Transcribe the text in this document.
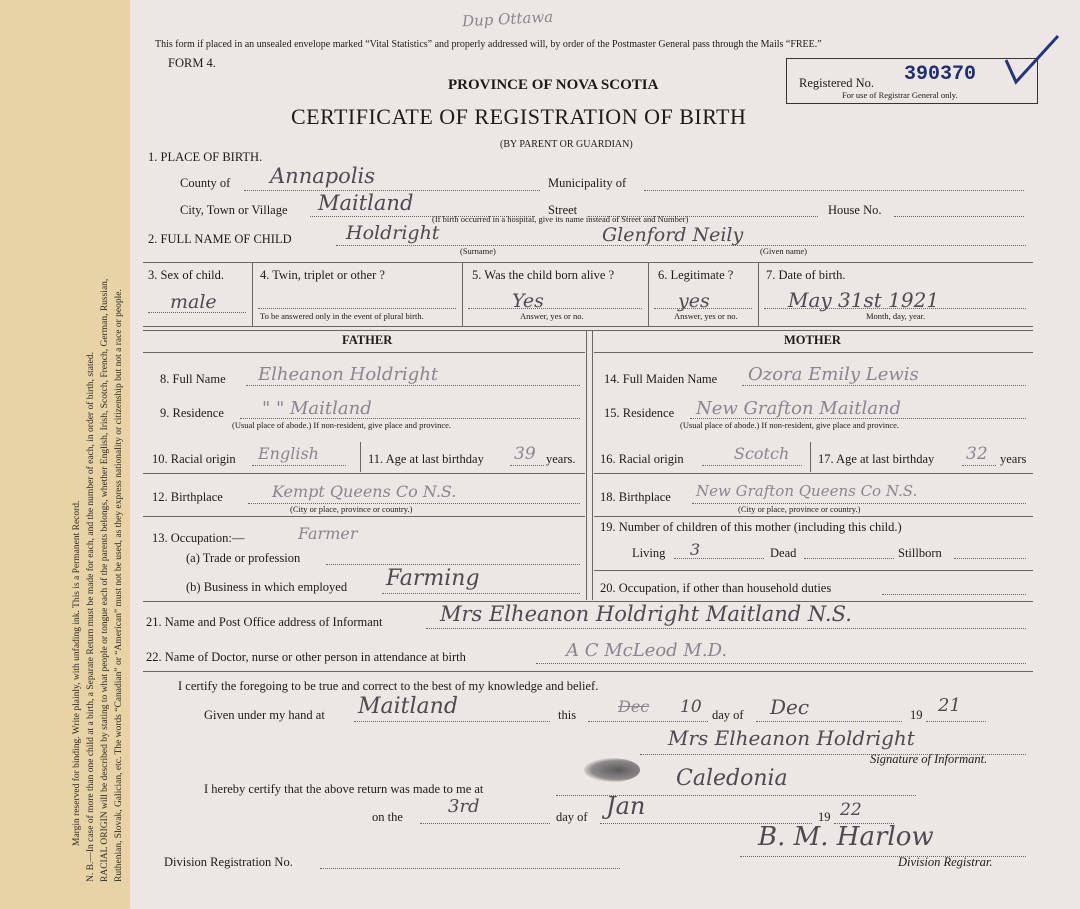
Margin reserved for binding. Write plainly, with unfading ink. This is a Permanent Record. N. B.—In case of more than one child at a birth, a Separate Return must be made for each, and the number of each, in order of birth, stated. RACIAL ORIGIN will be described by stating to what people or tongue each of the parents belongs, whether English, Irish, Scotch, French, German, Russian, Ruthenian, Slovak, Galician, etc. The words “Canadian” or “American” must not be used, as they express nationality or citizenship but not a race or people.
Dup Ottawa
This form if placed in an unsealed envelope marked “Vital Statistics” and properly addressed will, by order of the Postmaster General pass through the Mails “FREE.”
FORM 4.
PROVINCE OF NOVA SCOTIA
CERTIFICATE OF REGISTRATION OF BIRTH
(BY PARENT OR GUARDIAN)
Registered No. 390370
For use of Registrar General only.
1. PLACE OF BIRTH.
County of Annapolis	Municipality of
City, Town or Village Maitland	Street	House No.
(If birth occurred in a hospital, give its name instead of Street and Number)
2. FULL NAME OF CHILD	Holdright	Glenford Neily
(Surname)	(Given name)
3. Sex of child.
male
4. Twin, triplet or other ?
To be answered only in the event of plural birth.
5. Was the child born alive ?
Yes
Answer, yes or no.
6. Legitimate ?
yes
Answer, yes or no.
7. Date of birth.
May 31st 1921
Month, day, year.
FATHER	MOTHER
8. Full Name Elheanon Holdright
9. Residence " " Maitland
(Usual place of abode.) If non-resident, give place and province.
10. Racial origin English	11. Age at last birthday 39 years.
12. Birthplace	Kempt Queens Co N.S.
(City or place, province or country.)
13. Occupation:—	Farmer
(a) Trade or profession
(b) Business in which employed Farming
14. Full Maiden Name Ozora Emily Lewis
15. Residence New Grafton Maitland
(Usual place of abode.) If non-resident, give place and province.
16. Racial origin	Scotch 17. Age at last birthday 32 years
18. Birthplace New Grafton Queens Co N.S.
(City or place, province or country.)
19. Number of children of this mother (including this child.)
Living 3	Dead	Stillborn
20. Occupation, if other than household duties
21. Name and Post Office address of Informant	Mrs Elheanon Holdright Maitland N.S.
22. Name of Doctor, nurse or other person in attendance at birth	A C McLeod M.D.
I certify the foregoing to be true and correct to the best of my knowledge and belief.
Given under my hand at Maitland	this	Dec 10 day of Dec	19 21
Mrs Elheanon Holdright
Signature of Informant.
I hereby certify that the above return was made to me at	Caledonia
on the	3rd	day of Jan	19 22
B. M. Harlow
Division Registration No.	Division Registrar.
